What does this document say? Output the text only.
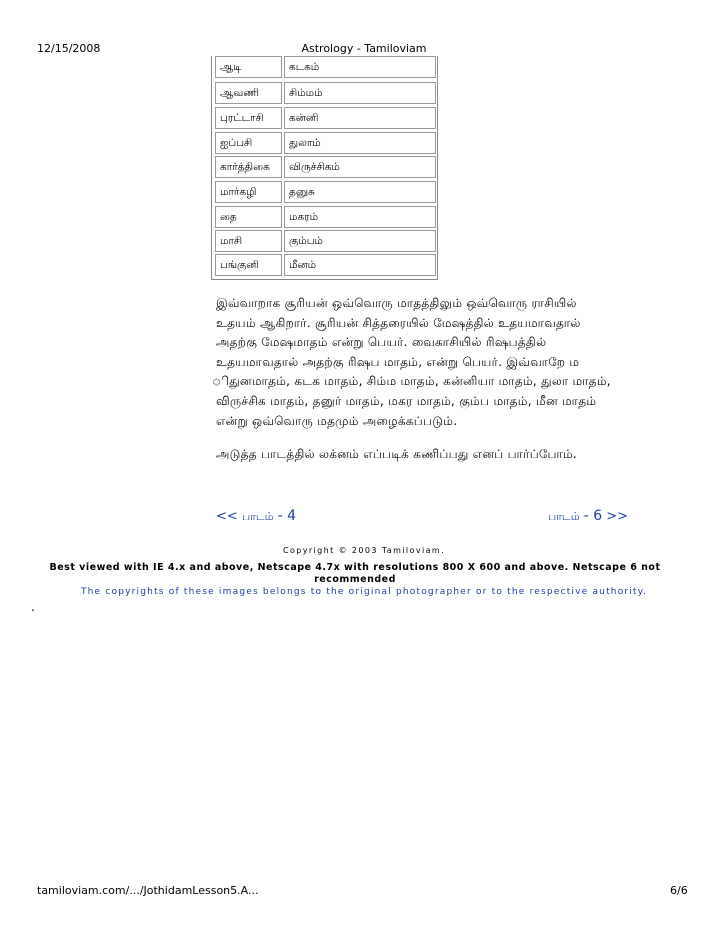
12/15/2008	Astrology - Tamiloviam
ஆடி	கடகம்
ஆவணி	சிம்மம்
புரட்டாசி	கன்னி
ஐப்பசி	துலாம்
கார்த்திகை	விருச்சிகம்
மார்கழி	தனுசு
தை	மகரம்
மாசி	கும்பம்
பங்குனி	மீனம்
இவ்வாறாக சூரியன் ஒவ்வொரு மாதத்திலும் ஒவ்வொரு ராசியில்
உதயம் ஆகிறார். சூரியன் சித்தரையில் மேஷத்தில் உதயமாவதால்
அதற்கு மேஷமாதம் என்று பெயர். வைகாசியில் ரிஷபத்தில்
உதயமாவதால் அதற்கு ரிஷப மாதம், என்று பெயர். இவ்வாறே ம
ிதுனமாதம், கடக மாதம், சிம்ம மாதம், கன்னியா மாதம், துலா மாதம்,
விருச்சிக மாதம், தனுர் மாதம், மகர மாதம், கும்ப மாதம், மீன மாதம்
என்று ஒவ்வொரு மதமும் அழைக்கப்படும்.
அடுத்த பாடத்தில் லக்னம் எப்படிக் கணிப்பது எனப் பார்ப்போம்.
<< பாடம் - 4	பாடம் - 6 >>
Copyright © 2003 Tamiloviam.
Best viewed with IE 4.x and above, Netscape 4.7x with resolutions 800 X 600 and above. Netscape 6 not recommended
The copyrights of these images belongs to the original photographer or to the respective authority.
.
tamiloviam.com/.../JothidamLesson5.A...	6/6
